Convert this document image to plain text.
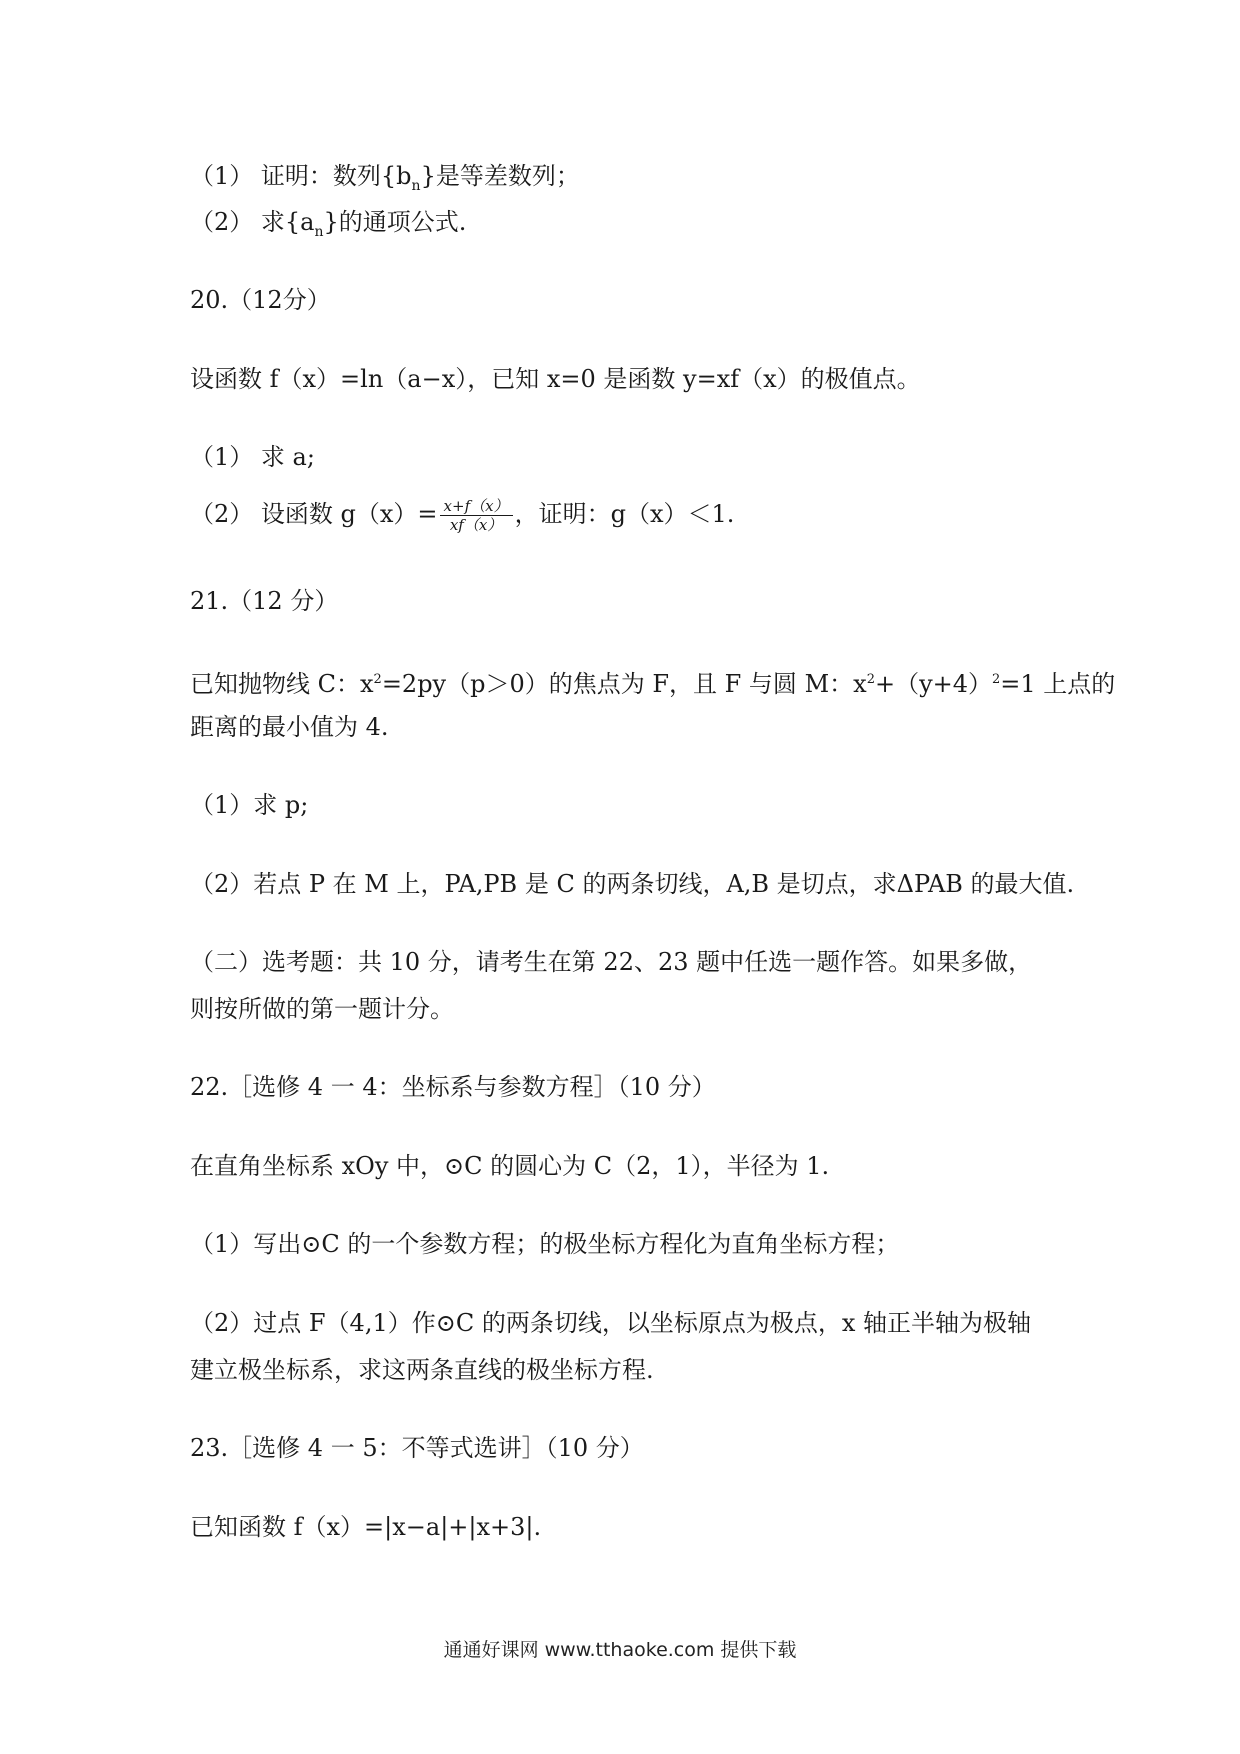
（1） 证明：数列$\{b_n\}$是等差数列；
（2） 求$\{a_n\}$的通项公式.
20.（12分）
设函数 f（x）=ln（a−x），已知 x=0 是函数 y=xf（x）的极值点。
（1） 求 a;
（2） 设函数 $g(x)= \frac{x+f(x)}{xf(x)}$ ，证明：g（x）＜1.
21.（12 分）
已知抛物线 C：$x^2=2py(p>0)$的焦点为 F，且 F 与圆 M：$x^2+(y+4)^2=1$ 上点的
距离的最小值为 4.
（1）求 p;
（2）若点 P 在 M 上，PA,PB 是 C 的两条切线，A,B 是切点，求ΔPAB 的最大值.
（二）选考题：共 10 分，请考生在第 22、23 题中任选一题作答。如果多做，
则按所做的第一题计分。
22.［选修 4 一 4：坐标系与参数方程］（10 分）
在直角坐标系 xOy 中，⊙C 的圆心为 C（2，1），半径为 1.
（1）写出⊙C 的一个参数方程；的极坐标方程化为直角坐标方程；
（2）过点 F（4,1）作⊙C 的两条切线，以坐标原点为极点，x 轴正半轴为极轴
建立极坐标系，求这两条直线的极坐标方程.
23.［选修 4 一 5：不等式选讲］（10 分）
已知函数 f（x）=|x−a|+|x+3|.
通通好课网 www.tthaoke.com 提供下载
